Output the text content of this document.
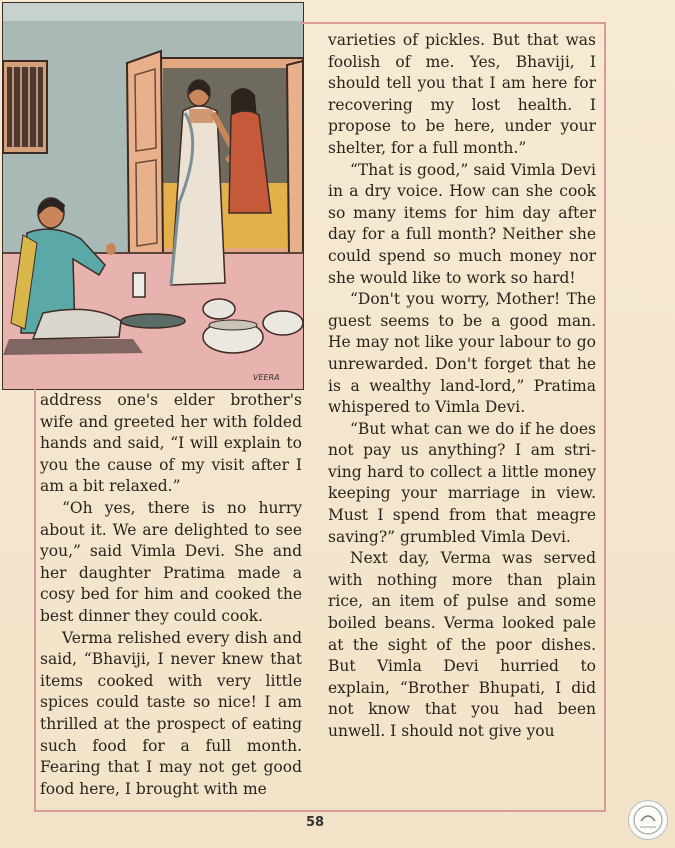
VEERA

address one's elder brother's wife and greeted her with folded hands and said, “I will explain to you the cause of my visit after I am a bit relaxed.”

“Oh yes, there is no hurry about it. We are delighted to see you,” said Vimla Devi. She and her daughter Pratima made a cosy bed for him and cooked the best dinner they could cook.

Verma relished every dish and said, “Bhaviji, I never knew that items cooked with very little spices could taste so nice! I am thrilled at the prospect of eating such food for a full month. Fearing that I may not get good food here, I brought with me

varieties of pickles. But that was foolish of me. Yes, Bhaviji, I should tell you that I am here for recovering my lost health. I propose to be here, under your shelter, for a full month.”

“That is good,” said Vimla Devi in a dry voice. How can she cook so many items for him day after day for a full month? Neither she could spend so much money nor she would like to work so hard!

“Don't you worry, Mother! The guest seems to be a good man. He may not like your labour to go unrewarded. Don't forget that he is a wealthy land-lord,” Pratima whispered to Vimla Devi.

“But what can we do if he does not pay us anything? I am stri-ving hard to collect a little money keeping your marriage in view. Must I spend from that meagre saving?” grumbled Vimla Devi.

Next day, Verma was served with nothing more than plain rice, an item of pulse and some boiled beans. Verma looked pale at the sight of the poor dishes. But Vimla Devi hurried to explain, “Brother Bhupati, I did not know that you had been unwell. I should not give you

58
